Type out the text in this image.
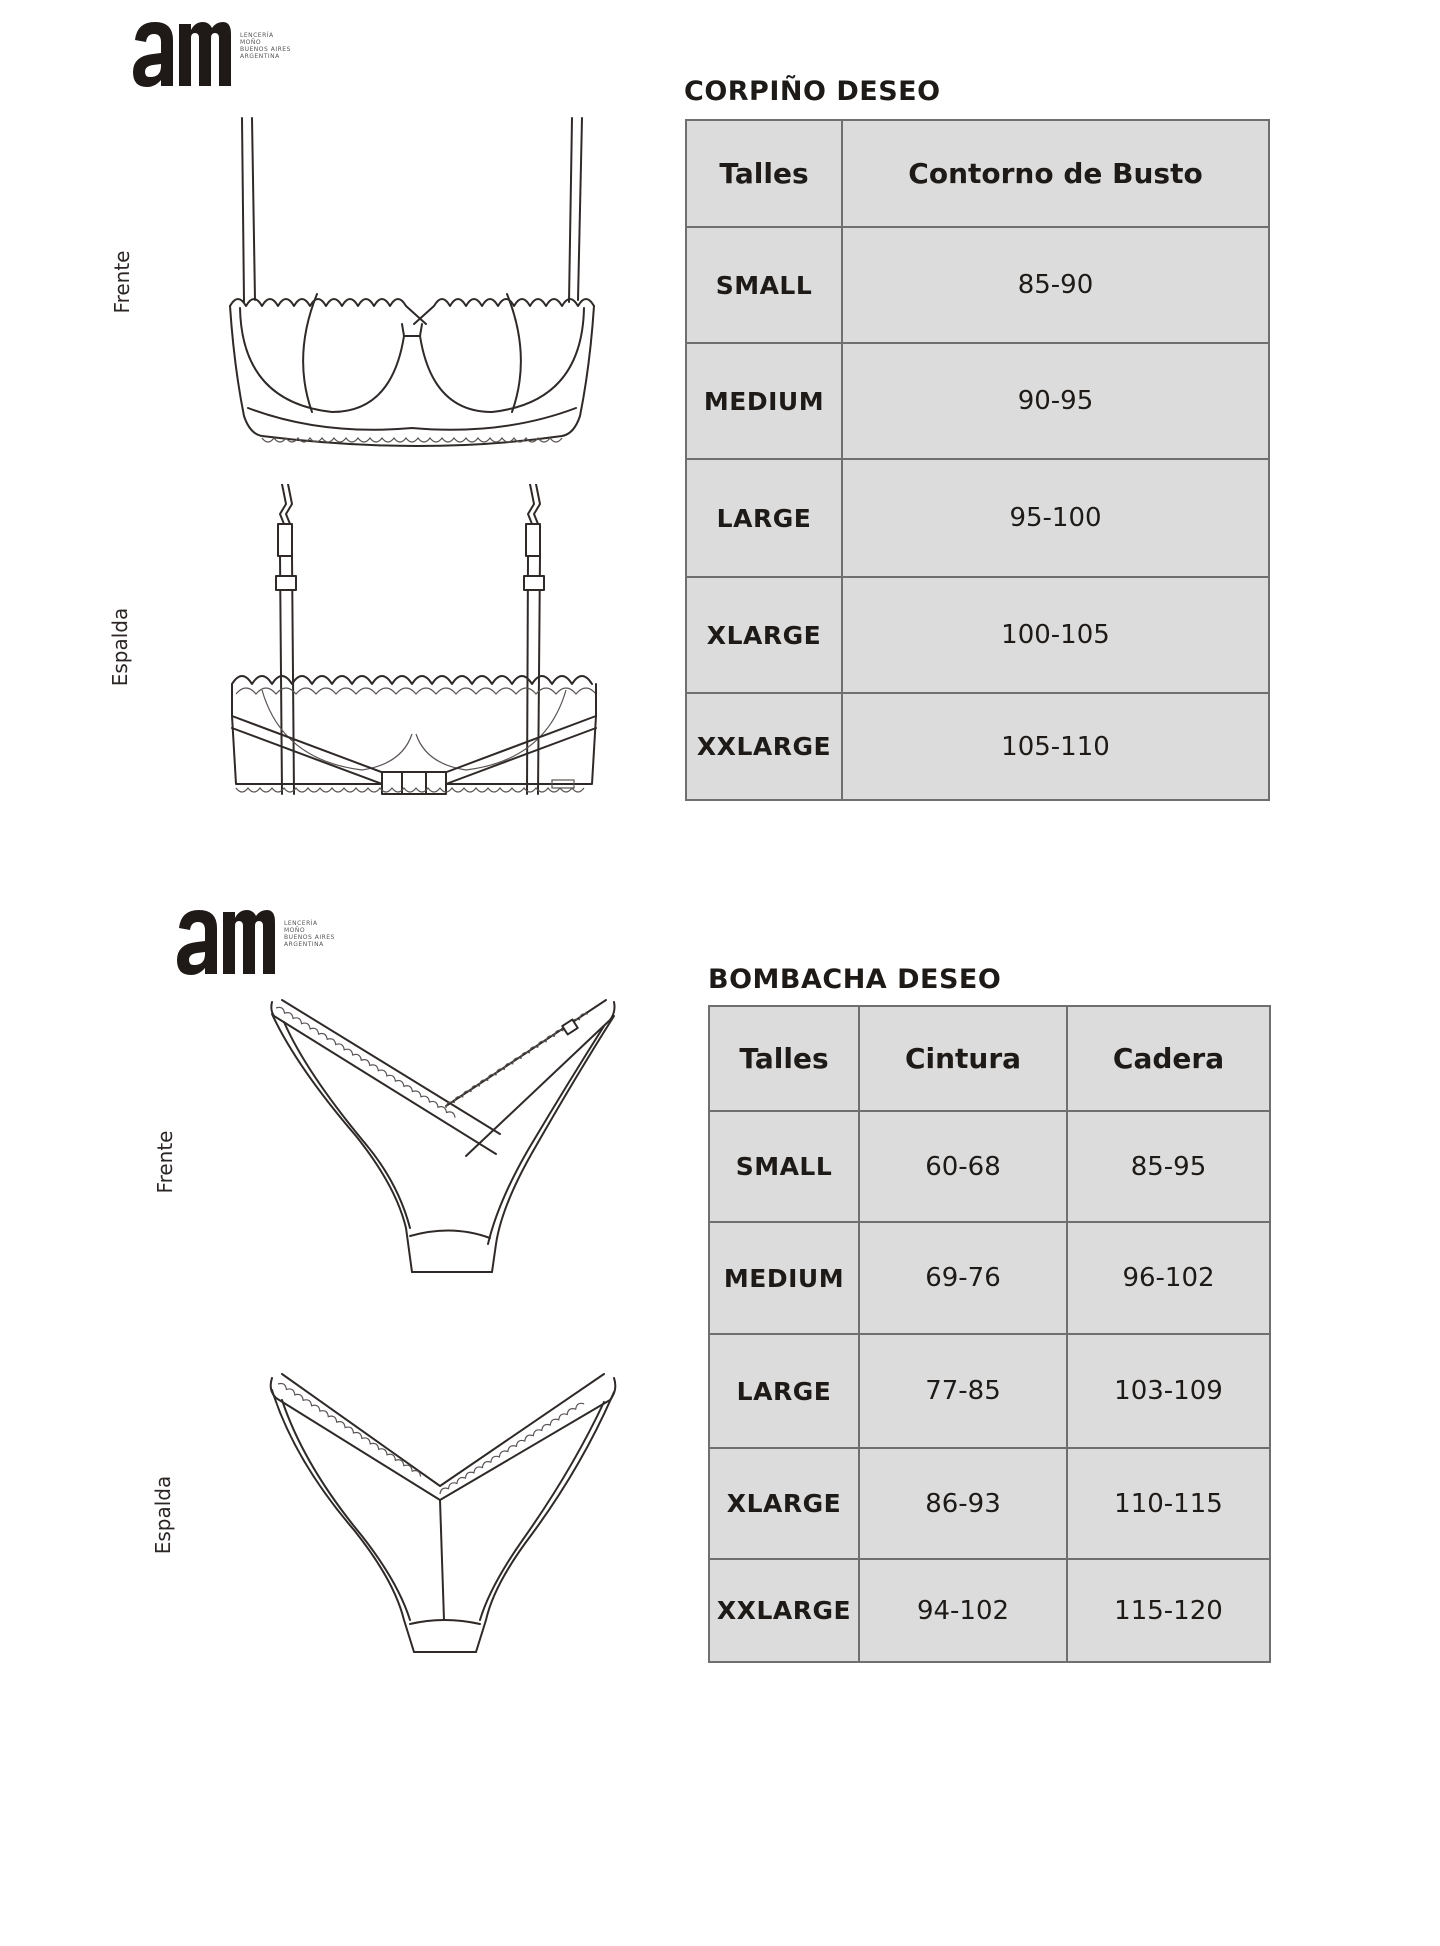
LENCERÍA
MOÑO
BUENOS AIRES
ARGENTINA
Frente
Espalda
CORPIÑO DESEO
Talles	Contorno de Busto
SMALL	85-90
MEDIUM	90-95
LARGE	95-100
XLARGE	100-105
XXLARGE	105-110
LENCERÍA
MOÑO
BUENOS AIRES
ARGENTINA
Frente
Espalda
BOMBACHA DESEO
Talles	Cintura	Cadera
SMALL	60-68	85-95
MEDIUM	69-76	96-102
LARGE	77-85	103-109
XLARGE	86-93	110-115
XXLARGE	94-102	115-120
